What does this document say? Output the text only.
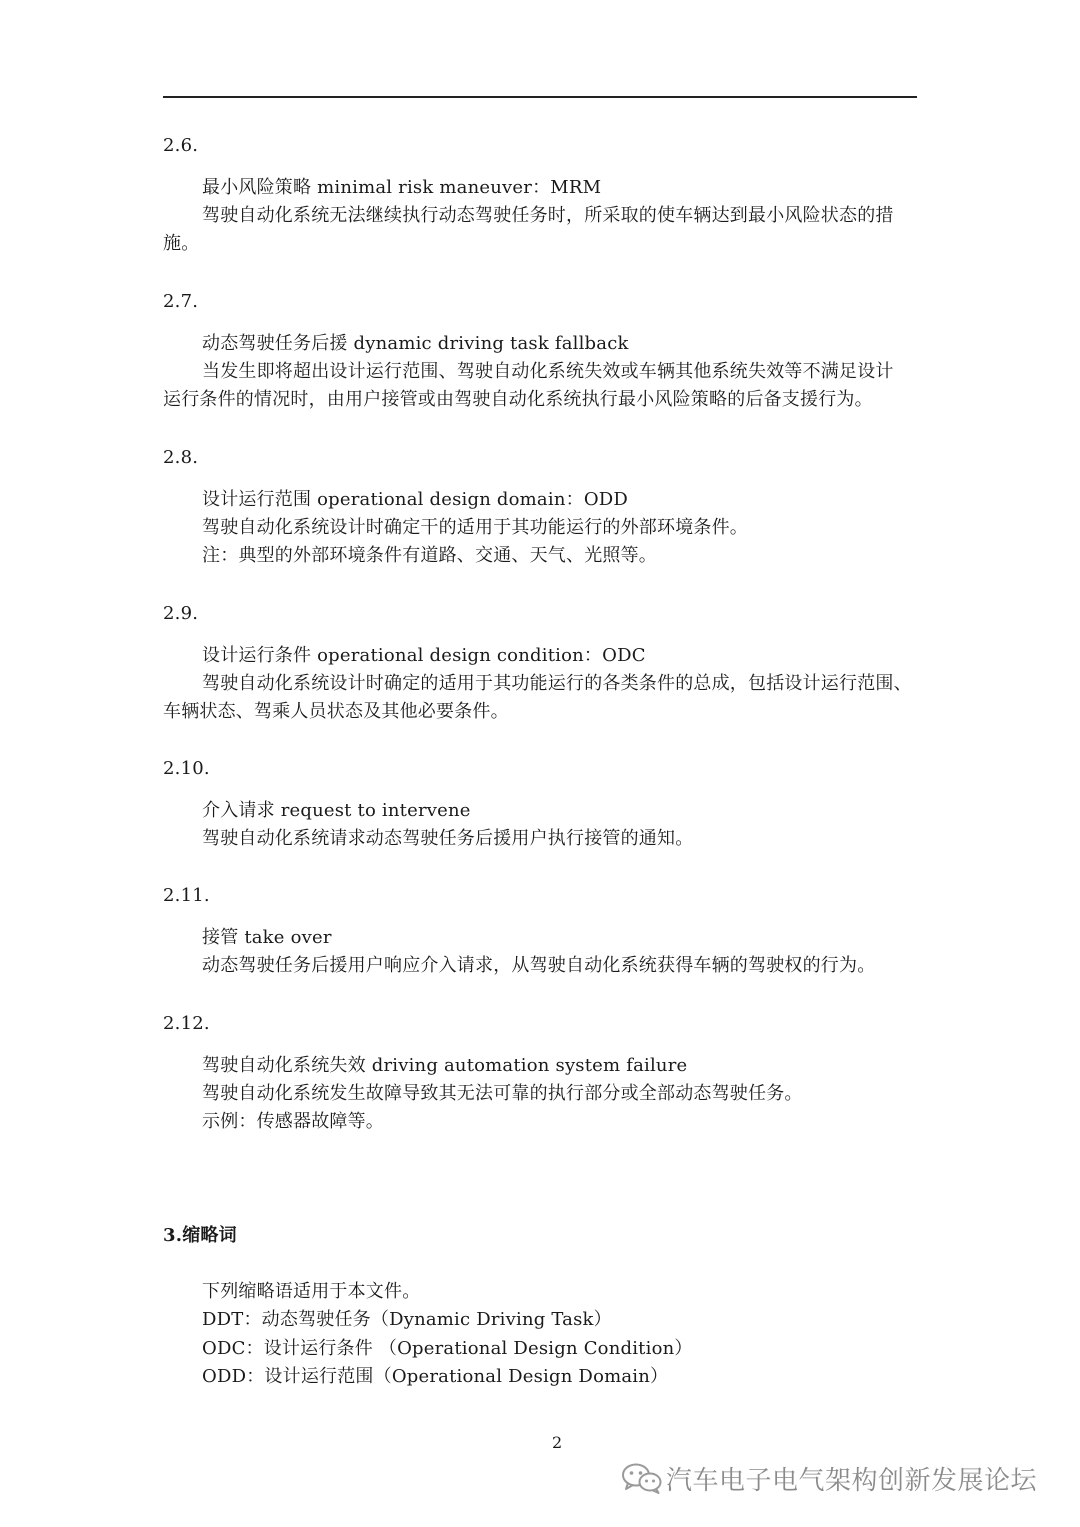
2.6.

最小风险策略 minimal risk maneuver：MRM

驾驶自动化系统无法继续执行动态驾驶任务时，所采取的使车辆达到最小风险状态的措

施。

2.7.

动态驾驶任务后援 dynamic driving task fallback

当发生即将超出设计运行范围、驾驶自动化系统失效或车辆其他系统失效等不满足设计

运行条件的情况时，由用户接管或由驾驶自动化系统执行最小风险策略的后备支援行为。

2.8.

设计运行范围 operational design domain：ODD

驾驶自动化系统设计时确定干的适用于其功能运行的外部环境条件。

注：典型的外部环境条件有道路、交通、天气、光照等。

2.9.

设计运行条件 operational design condition：ODC

驾驶自动化系统设计时确定的适用于其功能运行的各类条件的总成，包括设计运行范围、

车辆状态、驾乘人员状态及其他必要条件。

2.10.

介入请求 request to intervene

驾驶自动化系统请求动态驾驶任务后援用户执行接管的通知。

2.11.

接管 take over

动态驾驶任务后援用户响应介入请求，从驾驶自动化系统获得车辆的驾驶权的行为。

2.12.

驾驶自动化系统失效 driving automation system failure

驾驶自动化系统发生故障导致其无法可靠的执行部分或全部动态驾驶任务。

示例：传感器故障等。

3.缩略词

下列缩略语适用于本文件。

DDT：动态驾驶任务（Dynamic Driving Task）

ODC：设计运行条件 （Operational Design Condition）

ODD：设计运行范围（Operational Design Domain）

2

汽车电子电气架构创新发展论坛
